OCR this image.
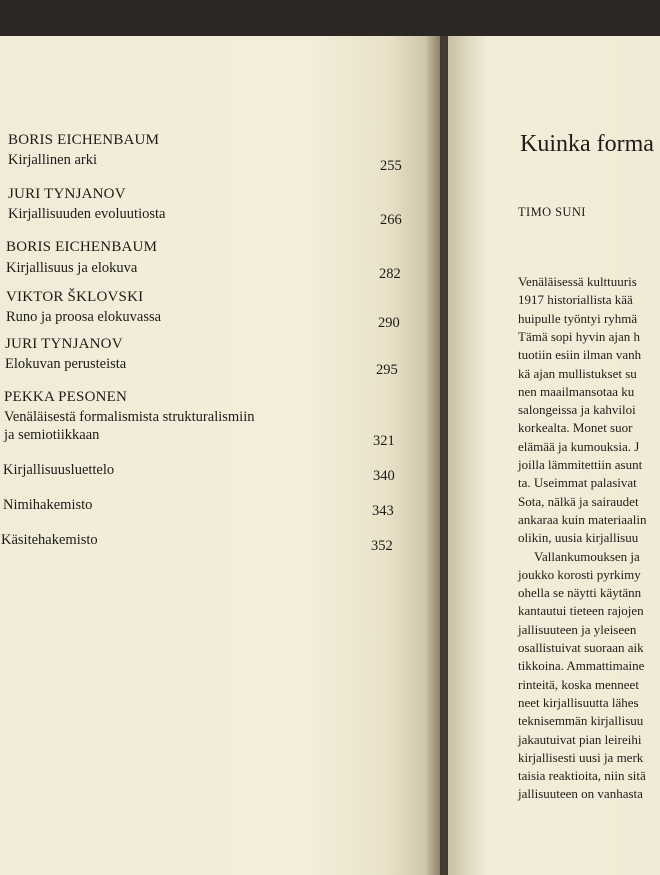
BORIS EICHENBAUM
Kirjallinen arki	255
JURI TYNJANOV
Kirjallisuuden evoluutiosta	266
BORIS EICHENBAUM
Kirjallisuus ja elokuva	282
VIKTOR ŠKLOVSKI
Runo ja proosa elokuvassa	290
JURI TYNJANOV
Elokuvan perusteista	295
PEKKA PESONEN
Venäläisestä formalismista strukturalismiin
ja semiotiikkaan	321
Kirjallisuusluettelo	340
Nimihakemisto	343
Käsitehakemisto	352
Kuinka forma
TIMO SUNI
Venäläisessä kulttuuris
1917 historiallista kää
huipulle työntyi ryhmä
Tämä sopi hyvin ajan h
tuotiin esiin ilman vanh
kä ajan mullistukset su
nen maailmansotaa ku
salongeissa ja kahviloi
korkealta. Monet suor
elämää ja kumouksia. J
joilla lämmitettiin asunt
ta. Useimmat palasivat
Sota, nälkä ja sairaudet
ankaraa kuin materiaalin
olikin, uusia kirjallisuu
Vallankumouksen ja
joukko korosti pyrkimy
ohella se näytti käytänn
kantautui tieteen rajojen
jallisuuteen ja yleiseen
osallistuivat suoraan aik
tikkoina. Ammattimaine
rinteitä, koska menneet
neet kirjallisuutta lähes
teknisemmän kirjallisuu
jakautuivat pian leireihi
kirjallisesti uusi ja merk
taisia reaktioita, niin sitä
jallisuuteen on vanhasta
